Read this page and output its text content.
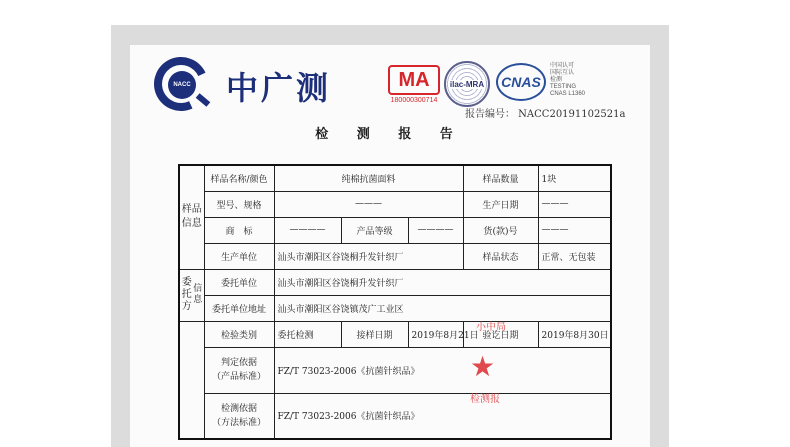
NACC 中广测	MA
180000300714
ilac-MRA	CNAS
中国认可
国际互认
检测
TESTING
CNAS L1360
报告编号： NACC20191102521a
检 测 报 告
样品信息	样品名称/颜色	纯棉抗菌面料			样品数量	1块
	型号、规格	———			生产日期	———
	商　标	————	产品等级	————	货(款)号	———
	生产单位	汕头市潮阳区谷饶桐升发针织厂			样品状态	正常、无包装

委托方
信息	委托单位	汕头市潮阳区谷饶桐升发针织厂				
	委托单位地址	汕头市潮阳区谷饶镇茂广工业区				
	检验类别	委托检测	接样日期	2019年8月21日	验讫日期	2019年8月30日

	判定依据
（产品标准）	FZ/T 73023-2006《抗菌针织品》				

	检测依据
（方法标准）	FZ/T 73023-2006《抗菌针织品》				
小中局
★
检测报
